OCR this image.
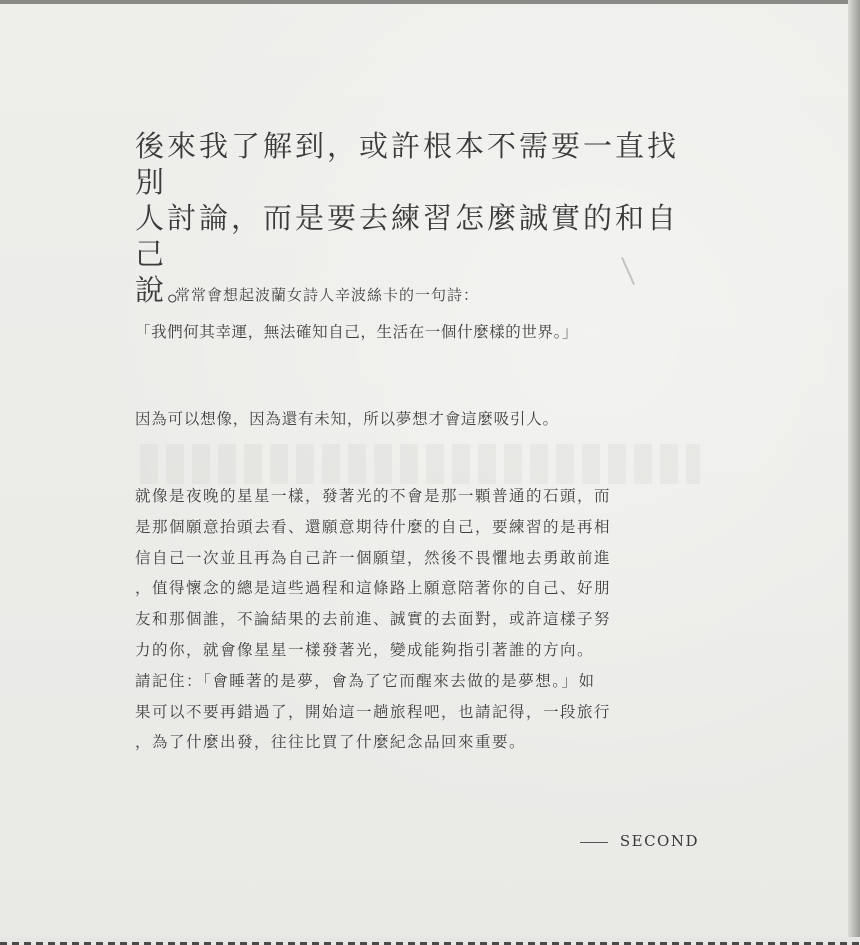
後來我了解到，或許根本不需要一直找別
人討論，而是要去練習怎麼誠實的和自己
說。

常常會想起波蘭女詩人辛波絲卡的一句詩：

「我們何其幸運，無法確知自己，生活在一個什麼樣的世界。」

因為可以想像，因為還有未知，所以夢想才會這麼吸引人。

就像是夜晚的星星一樣，發著光的不會是那一顆普通的石頭，而
是那個願意抬頭去看、還願意期待什麼的自己，要練習的是再相
信自己一次並且再為自己許一個願望，然後不畏懼地去勇敢前進
，值得懷念的總是這些過程和這條路上願意陪著你的自己、好朋
友和那個誰，不論結果的去前進、誠實的去面對，或許這樣子努
力的你，就會像星星一樣發著光，變成能夠指引著誰的方向。
請記住：「會睡著的是夢，會為了它而醒來去做的是夢想。」如
果可以不要再錯過了，開始這一趟旅程吧，也請記得，一段旅行
，為了什麼出發，往往比買了什麼紀念品回來重要。

SECOND
